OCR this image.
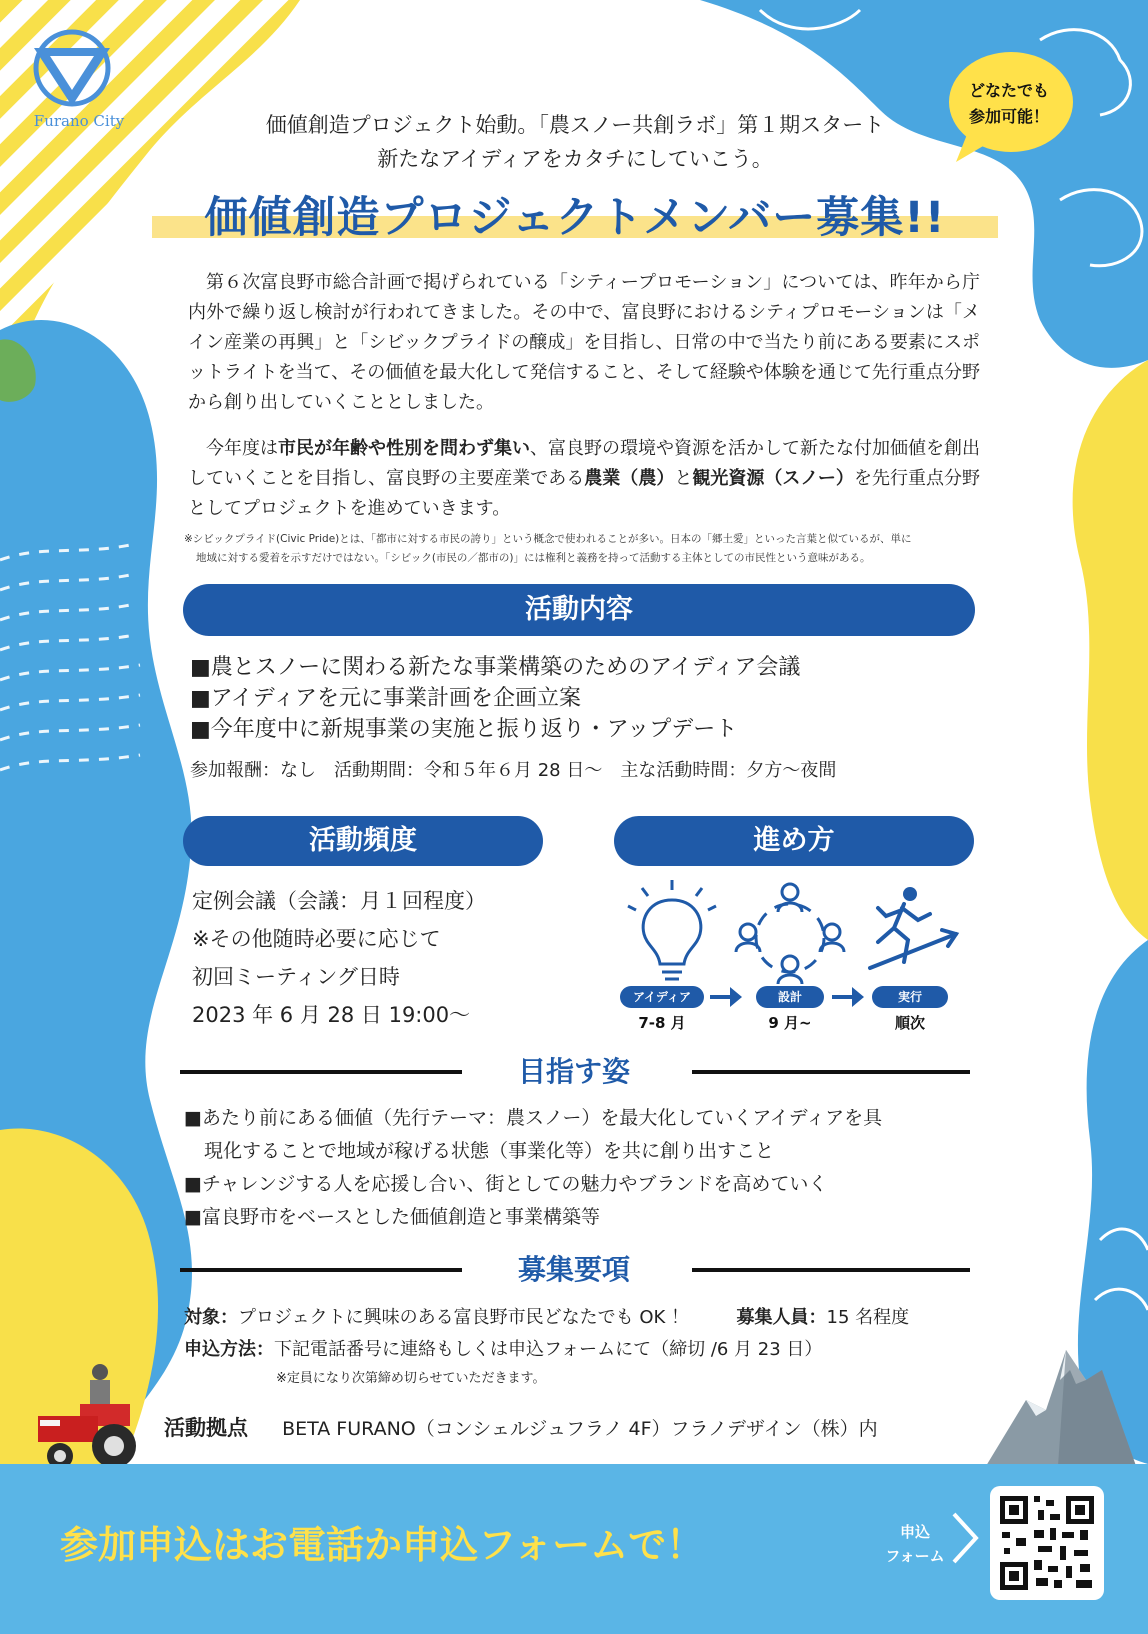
Furano City
どなたでも
参加可能！
価値創造プロジェクト始動。「農スノー共創ラボ」第１期スタート
新たなアイディアをカタチにしていこう。
価値創造プロジェクトメンバー募集!!
第６次富良野市総合計画で掲げられている「シティープロモーション」については、昨年から庁内外で繰り返し検討が行われてきました。その中で、富良野におけるシティプロモーションは「メイン産業の再興」と「シビックプライドの醸成」を目指し、日常の中で当たり前にある要素にスポットライトを当て、その価値を最大化して発信すること、そして経験や体験を通じて先行重点分野から創り出していくこととしました。
今年度は市民が年齢や性別を問わず集い、富良野の環境や資源を活かして新たな付加価値を創出していくことを目指し、富良野の主要産業である農業（農）と観光資源（スノー）を先行重点分野としてプロジェクトを進めていきます。
※シビックプライド(Civic Pride)とは、「都市に対する市民の誇り」という概念で使われることが多い。日本の「郷土愛」といった言葉と似ているが、単に
地域に対する愛着を示すだけではない。「シビック(市民の／都市の)」には権利と義務を持って活動する主体としての市民性という意味がある。
活動内容
■農とスノーに関わる新たな事業構築のためのアイディア会議
■アイディアを元に事業計画を企画立案
■今年度中に新規事業の実施と振り返り・アップデート
参加報酬：なし　活動期間：令和５年６月 28 日〜　主な活動時間：夕方〜夜間
活動頻度
定例会議（会議：月１回程度）
※その他随時必要に応じて
初回ミーティング日時
2023 年 6 月 28 日 19:00〜
進め方
アイディア	設計	実行
7-8 月	9 月~	順次
目指す姿
■あたり前にある価値（先行テーマ：農スノー）を最大化していくアイディアを具
現化することで地域が稼げる状態（事業化等）を共に創り出すこと
■チャレンジする人を応援し合い、街としての魅力やブランドを高めていく
■富良野市をベースとした価値創造と事業構築等
募集要項
対象：プロジェクトに興味のある富良野市民どなたでも OK ！	募集人員：15 名程度
申込方法：下記電話番号に連絡もしくは申込フォームにて（締切 /6 月 23 日）
※定員になり次第締め切らせていただきます。
活動拠点 BETA FURANO（コンシェルジュフラノ 4F）フラノデザイン（株）内
参加申込はお電話か申込フォームで！	申込
フォーム
